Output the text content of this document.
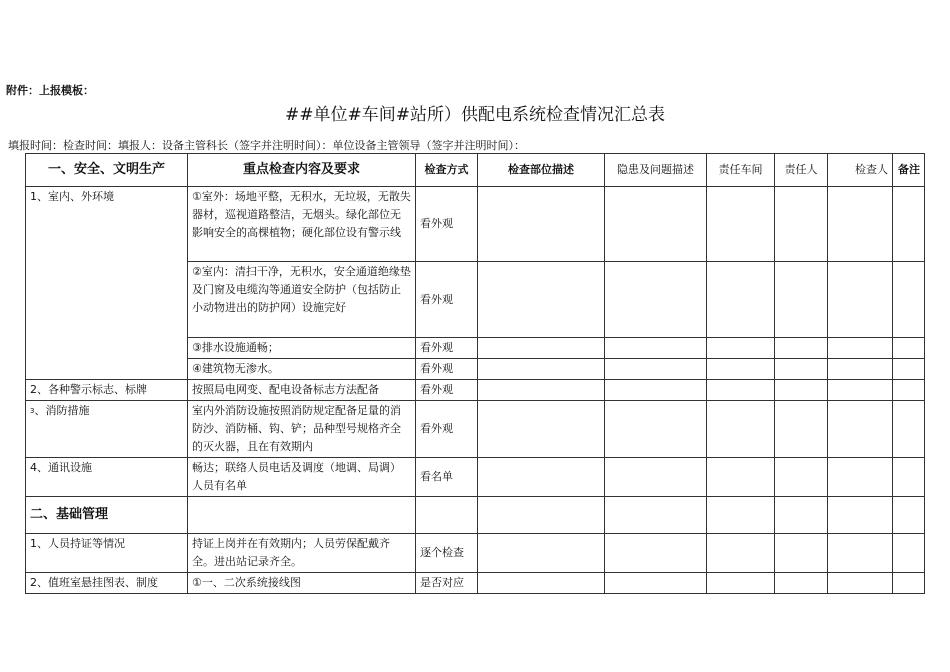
附件：上报模板：
##单位#车间#站所）供配电系统检查情况汇总表
填报时间：检查时间：填报人：设备主管科长（签字并注明时间）：单位设备主管领导（签字并注明时间）：
一、安全、文明生产	重点检查内容及要求	检查方式	检查部位描述	隐患及问题描述	责任车间	责任人	检查人	备注
1、室内、外环境	①室外：场地平整，无积水，无垃圾，无散失器材，巡视道路整洁，无烟头。绿化部位无影响安全的高棵植物；硬化部位设有警示线	看外观						
	②室内：清扫干净，无积水，安全通道绝缘垫及门窗及电缆沟等通道安全防护（包括防止小动物进出的防护网）设施完好	看外观						
	③排水设施通畅；	看外观						
	④建筑物无渗水。	看外观						
2、各种警示标志、标牌	按照局电网变、配电设备标志方法配备	看外观						
$^3$、消防措施	室内外消防设施按照消防规定配备足量的消防沙、消防桶、钩、铲；品种型号规格齐全的灭火器，且在有效期内	看外观						
4、通讯设施	畅达；联络人员电话及调度（地调、局调）人员有名单	看名单						
二、基础管理								
1、人员持证等情况	持证上岗并在有效期内；人员劳保配戴齐全。进出站记录齐全。	逐个检查						
2、值班室悬挂图表、制度	①一、二次系统接线图	是否对应						
